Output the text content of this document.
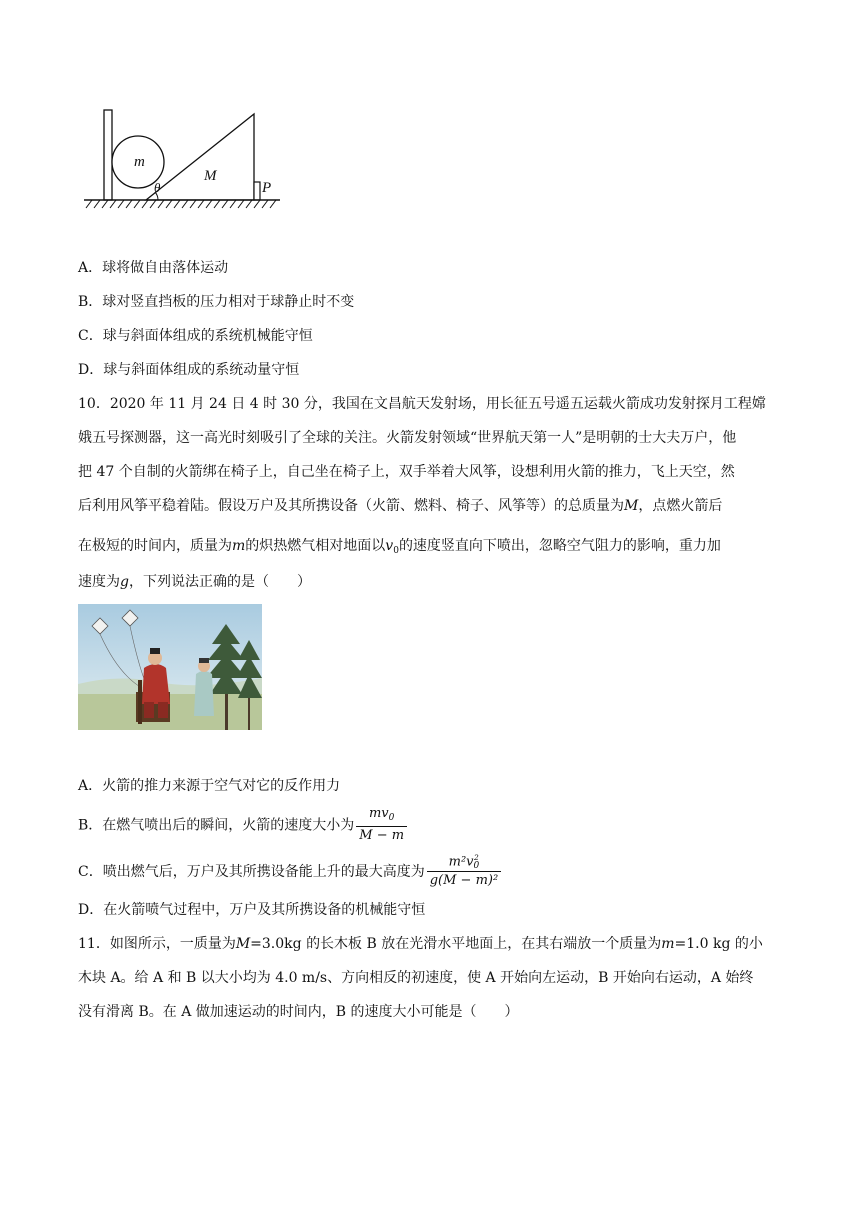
m
M
θ	P
A．球将做自由落体运动
B．球对竖直挡板的压力相对于球静止时不变
C．球与斜面体组成的系统机械能守恒
D．球与斜面体组成的系统动量守恒
10．2020 年 11 月 24 日 4 时 30 分，我国在文昌航天发射场，用长征五号遥五运载火箭成功发射探月工程嫦
娥五号探测器，这一高光时刻吸引了全球的关注。火箭发射领域“世界航天第一人”是明朝的士大夫万户，他
把 47 个自制的火箭绑在椅子上，自己坐在椅子上，双手举着大风筝，设想利用火箭的推力，飞上天空，然
后利用风筝平稳着陆。假设万户及其所携设备（火箭、燃料、椅子、风筝等）的总质量为M，点燃火箭后
在极短的时间内，质量为m的炽热燃气相对地面以$v_0$的速度竖直向下喷出，忽略空气阻力的影响，重力加
速度为g，下列说法正确的是（　　）
A．火箭的推力来源于空气对它的反作用力
B．在燃气喷出后的瞬间，火箭的速度大小为 $\frac{mv_0}{M - m}$
C．喷出燃气后，万户及其所携设备能上升的最大高度为 m²v 2
0
g(M − m)²
D．在火箭喷气过程中，万户及其所携设备的机械能守恒
11．如图所示，一质量为M=3.0kg 的长木板 B 放在光滑水平地面上，在其右端放一个质量为m=1.0 kg 的小
木块 A。给 A 和 B 以大小均为 4.0 m/s、方向相反的初速度，使 A 开始向左运动，B 开始向右运动，A 始终
没有滑离 B。在 A 做加速运动的时间内，B 的速度大小可能是（　　）
